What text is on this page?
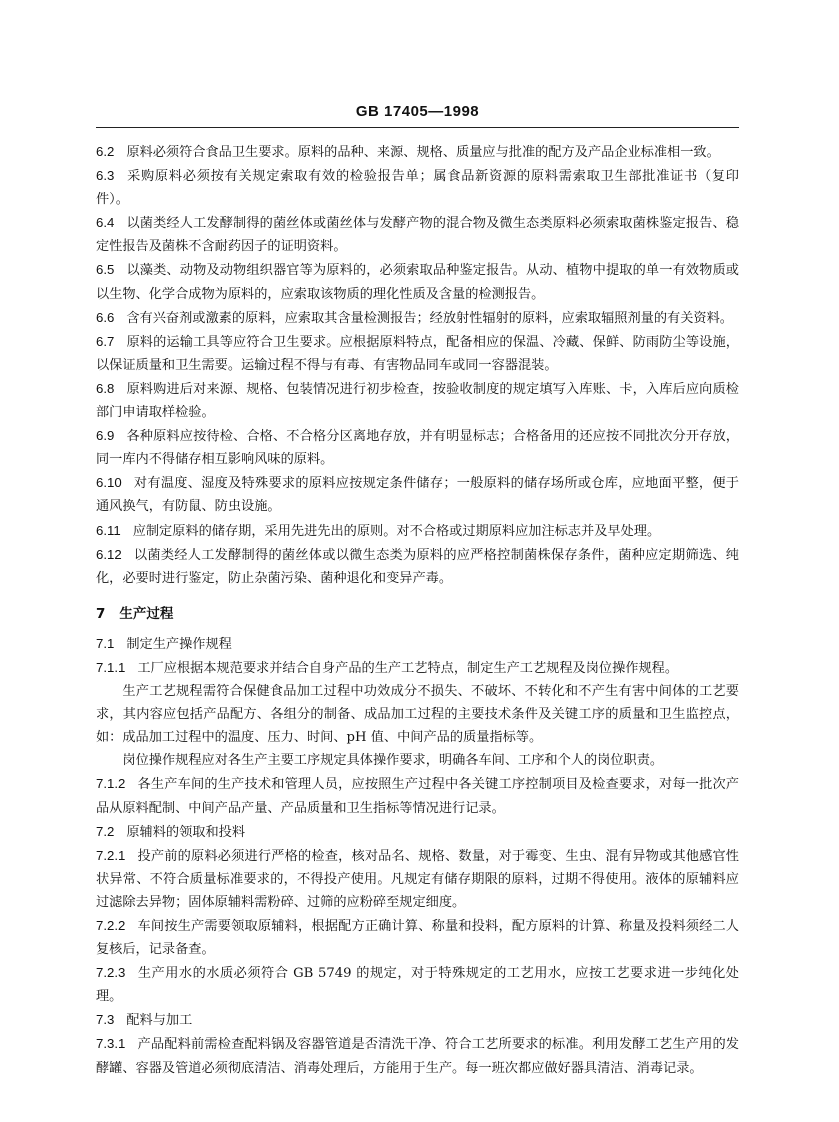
GB 17405—1998

6.2 原料必须符合食品卫生要求。原料的品种、来源、规格、质量应与批准的配方及产品企业标准相一致。

6.3 采购原料必须按有关规定索取有效的检验报告单；属食品新资源的原料需索取卫生部批准证书（复印件）。

6.4 以菌类经人工发酵制得的菌丝体或菌丝体与发酵产物的混合物及微生态类原料必须索取菌株鉴定报告、稳定性报告及菌株不含耐药因子的证明资料。

6.5 以藻类、动物及动物组织器官等为原料的，必须索取品种鉴定报告。从动、植物中提取的单一有效物质或以生物、化学合成物为原料的，应索取该物质的理化性质及含量的检测报告。

6.6 含有兴奋剂或激素的原料，应索取其含量检测报告；经放射性辐射的原料，应索取辐照剂量的有关资料。

6.7 原料的运输工具等应符合卫生要求。应根据原料特点，配备相应的保温、冷藏、保鲜、防雨防尘等设施，以保证质量和卫生需要。运输过程不得与有毒、有害物品同车或同一容器混装。

6.8 原料购进后对来源、规格、包装情况进行初步检查，按验收制度的规定填写入库账、卡，入库后应向质检部门申请取样检验。

6.9 各种原料应按待检、合格、不合格分区离地存放，并有明显标志；合格备用的还应按不同批次分开存放，同一库内不得储存相互影响风味的原料。

6.10 对有温度、湿度及特殊要求的原料应按规定条件储存；一般原料的储存场所或仓库，应地面平整，便于通风换气，有防鼠、防虫设施。

6.11 应制定原料的储存期，采用先进先出的原则。对不合格或过期原料应加注标志并及早处理。

6.12 以菌类经人工发酵制得的菌丝体或以微生态类为原料的应严格控制菌株保存条件，菌种应定期筛选、纯化，必要时进行鉴定，防止杂菌污染、菌种退化和变异产毒。

7 生产过程

7.1 制定生产操作规程

7.1.1 工厂应根据本规范要求并结合自身产品的生产工艺特点，制定生产工艺规程及岗位操作规程。

生产工艺规程需符合保健食品加工过程中功效成分不损失、不破坏、不转化和不产生有害中间体的工艺要求，其内容应包括产品配方、各组分的制备、成品加工过程的主要技术条件及关键工序的质量和卫生监控点，如：成品加工过程中的温度、压力、时间、pH 值、中间产品的质量指标等。

岗位操作规程应对各生产主要工序规定具体操作要求，明确各车间、工序和个人的岗位职责。

7.1.2 各生产车间的生产技术和管理人员，应按照生产过程中各关键工序控制项目及检查要求，对每一批次产品从原料配制、中间产品产量、产品质量和卫生指标等情况进行记录。

7.2 原辅料的领取和投料

7.2.1 投产前的原料必须进行严格的检查，核对品名、规格、数量，对于霉变、生虫、混有异物或其他感官性状异常、不符合质量标准要求的，不得投产使用。凡规定有储存期限的原料，过期不得使用。液体的原辅料应过滤除去异物；固体原辅料需粉碎、过筛的应粉碎至规定细度。

7.2.2 车间按生产需要领取原辅料，根据配方正确计算、称量和投料，配方原料的计算、称量及投料须经二人复核后，记录备查。

7.2.3 生产用水的水质必须符合 GB 5749 的规定，对于特殊规定的工艺用水，应按工艺要求进一步纯化处理。

7.3 配料与加工

7.3.1 产品配料前需检查配料锅及容器管道是否清洗干净、符合工艺所要求的标准。利用发酵工艺生产用的发酵罐、容器及管道必须彻底清洁、消毒处理后，方能用于生产。每一班次都应做好器具清洁、消毒记录。
